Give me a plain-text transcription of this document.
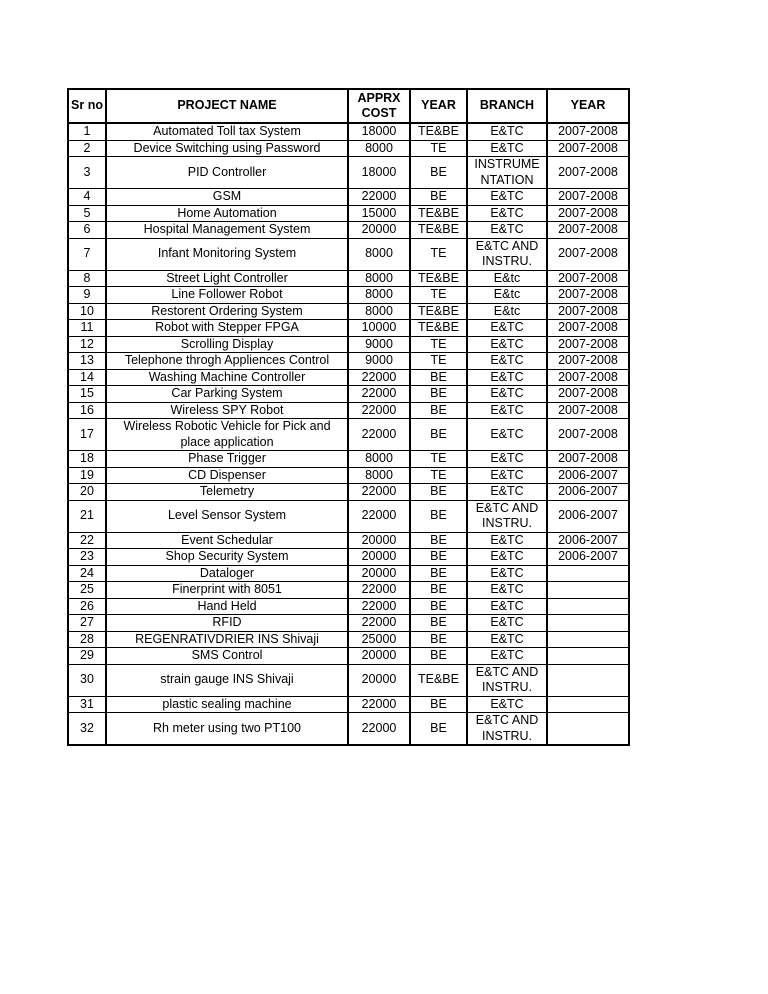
Sr no	PROJECT NAME	APPRX COST	YEAR	BRANCH	YEAR
1	Automated Toll tax System	18000	TE&BE	E&TC	2007-2008
2	Device Switching using Password	8000	TE	E&TC	2007-2008
3	PID Controller	18000	BE	INSTRUME NTATION	2007-2008
4	GSM	22000	BE	E&TC	2007-2008
5	Home Automation	15000	TE&BE	E&TC	2007-2008
6	Hospital Management System	20000	TE&BE	E&TC	2007-2008
7	Infant Monitoring System	8000	TE	E&TC AND INSTRU.	2007-2008
8	Street Light Controller	8000	TE&BE	E&tc	2007-2008
9	Line Follower Robot	8000	TE	E&tc	2007-2008
10	Restorent Ordering System	8000	TE&BE	E&tc	2007-2008
11	Robot with Stepper FPGA	10000	TE&BE	E&TC	2007-2008
12	Scrolling Display	9000	TE	E&TC	2007-2008
13	Telephone throgh Appliences Control	9000	TE	E&TC	2007-2008
14	Washing Machine Controller	22000	BE	E&TC	2007-2008
15	Car Parking System	22000	BE	E&TC	2007-2008
16	Wireless SPY Robot	22000	BE	E&TC	2007-2008
17	Wireless Robotic Vehicle for Pick and place application	22000	BE	E&TC	2007-2008
18	Phase Trigger	8000	TE	E&TC	2007-2008
19	CD Dispenser	8000	TE	E&TC	2006-2007
20	Telemetry	22000	BE	E&TC	2006-2007
21	Level Sensor System	22000	BE	E&TC AND INSTRU.	2006-2007
22	Event Schedular	20000	BE	E&TC	2006-2007
23	Shop Security System	20000	BE	E&TC	2006-2007
24	Dataloger	20000	BE	E&TC	
25	Finerprint with 8051	22000	BE	E&TC	
26	Hand Held	22000	BE	E&TC	
27	RFID	22000	BE	E&TC	
28	REGENRATIVDRIER INS Shivaji	25000	BE	E&TC	
29	SMS Control	20000	BE	E&TC	
30	strain gauge INS Shivaji	20000	TE&BE	E&TC AND INSTRU.	
31	plastic sealing machine	22000	BE	E&TC	
32	Rh meter using two PT100	22000	BE	E&TC AND INSTRU.	
